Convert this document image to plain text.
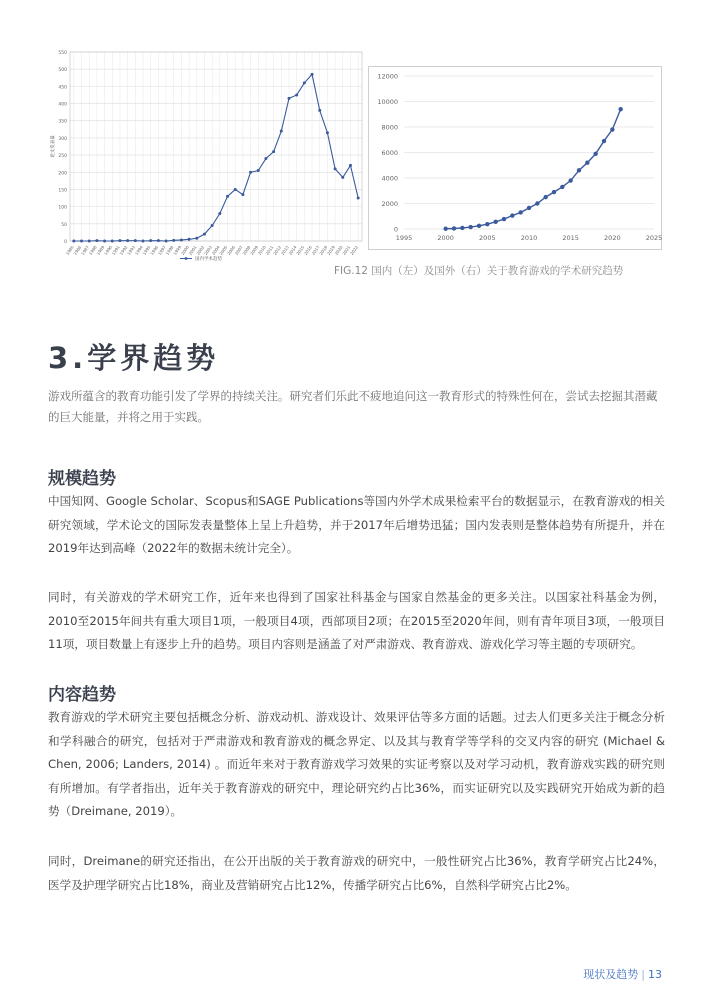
0
50
100
150
200
250
300
350
400
450
500
550
1985
1986
1987
1988
1989
1990
1991
1992
1993
1994
1995
1996
1997
1998
1999
2000
2001
2002
2003
2004
2005
2006
2007
2008
2009
2010
2011
2012
2013
2014
2015
2016
2017
2018
2019
2020
2021
2022
论文发表量
国内学术趋势
0
2000
4000
6000
8000
10000
12000
1995	2000	2005	2010	2015	2020	2025
FIG.12 国内（左）及国外（右）关于教育游戏的学术研究趋势
3.学界趋势
游戏所蕴含的教育功能引发了学界的持续关注。研究者们乐此不疲地追问这一教育形式的特殊性何在，尝试去挖掘其潜藏的巨大能量，并将之用于实践。
规模趋势
中国知网、Google Scholar、Scopus和SAGE Publications等国内外学术成果检索平台的数据显示，在教育游戏的相关研究领域，学术论文的国际发表量整体上呈上升趋势，并于2017年后增势迅猛；国内发表则是整体趋势有所提升，并在2019年达到高峰（2022年的数据未统计完全）。
同时，有关游戏的学术研究工作，近年来也得到了国家社科基金与国家自然基金的更多关注。以国家社科基金为例，2010至2015年间共有重大项目1项，一般项目4项，西部项目2项；在2015至2020年间，则有青年项目3项，一般项目11项，项目数量上有逐步上升的趋势。项目内容则是涵盖了对严肃游戏、教育游戏、游戏化学习等主题的专项研究。
内容趋势
教育游戏的学术研究主要包括概念分析、游戏动机、游戏设计、效果评估等多方面的话题。过去人们更多关注于概念分析和学科融合的研究，包括对于严肃游戏和教育游戏的概念界定、以及其与教育学等学科的交叉内容的研究 (Michael & Chen, 2006; Landers, 2014) 。而近年来对于教育游戏学习效果的实证考察以及对学习动机，教育游戏实践的研究则有所增加。有学者指出，近年关于教育游戏的研究中，理论研究约占比36%，而实证研究以及实践研究开始成为新的趋势（Dreimane, 2019）。
同时，Dreimane的研究还指出，在公开出版的关于教育游戏的研究中，一般性研究占比36%，教育学研究占比24%，医学及护理学研究占比18%，商业及营销研究占比12%，传播学研究占比6%，自然科学研究占比2%。
现状及趋势 | 13
